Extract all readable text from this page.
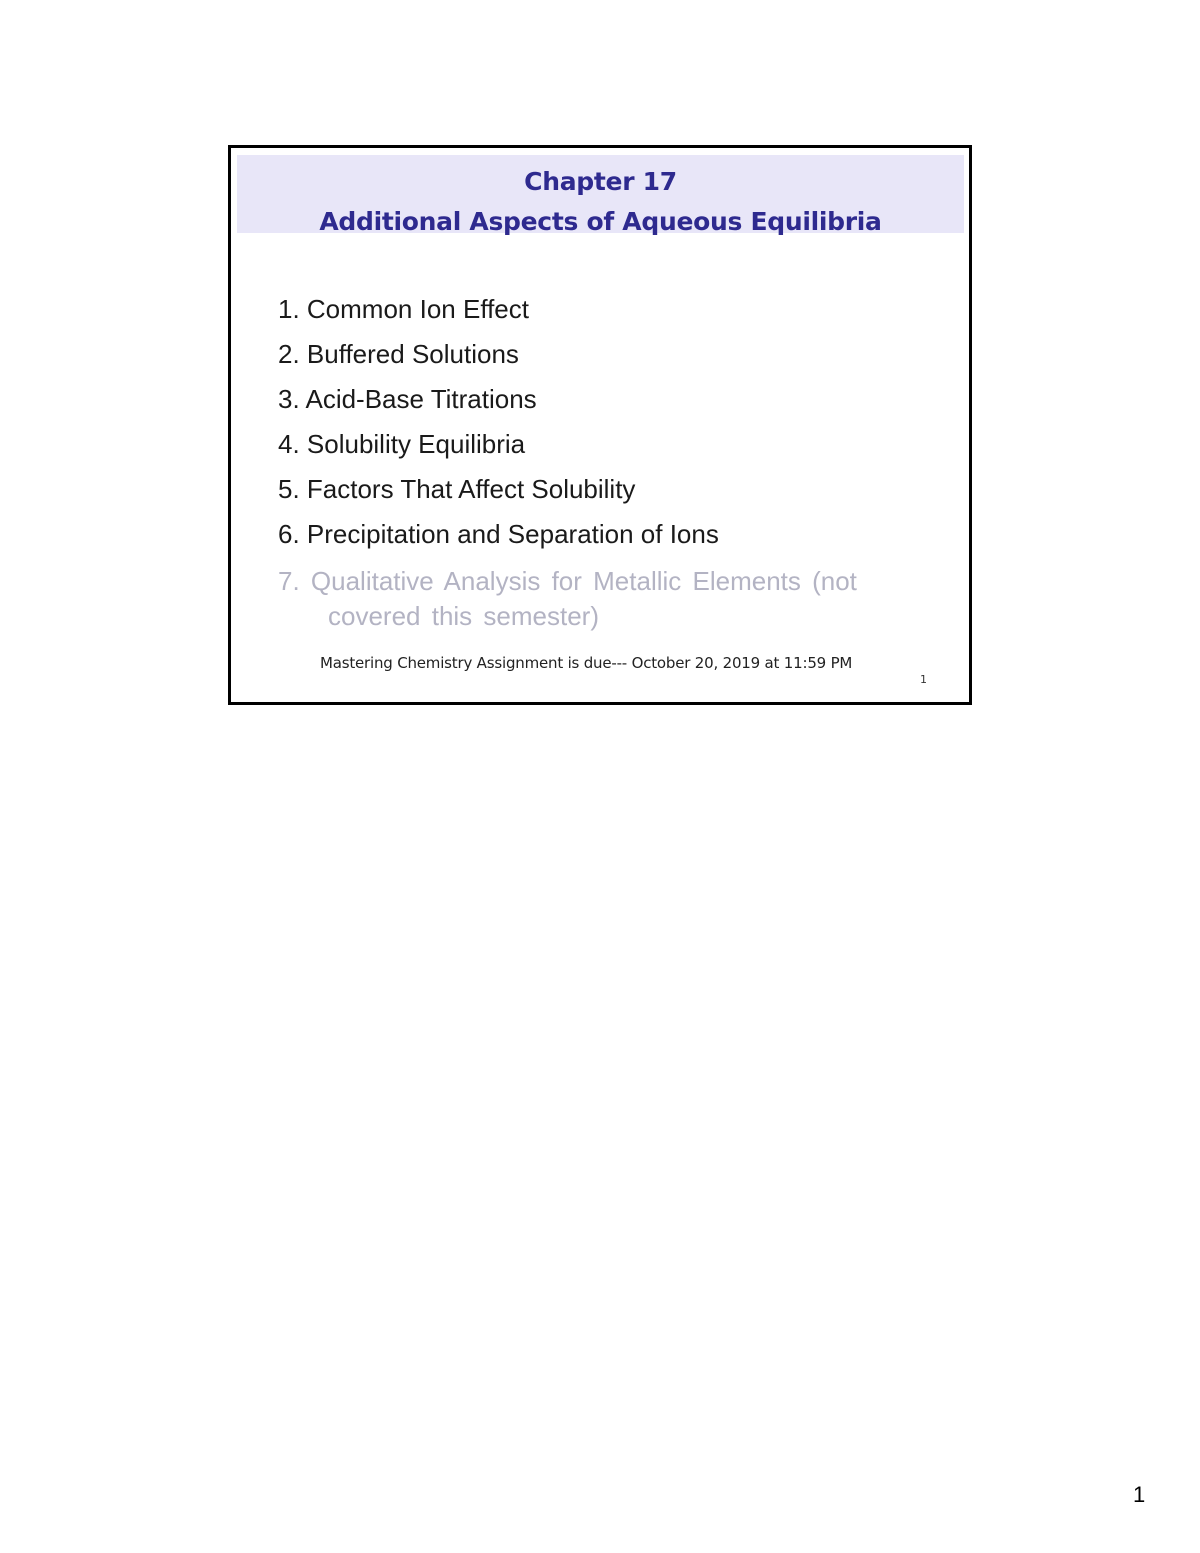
Chapter 17
Additional Aspects of Aqueous Equilibria
1. Common Ion Effect
2. Buffered Solutions
3. Acid-Base Titrations
4. Solubility Equilibria
5. Factors That Affect Solubility
6. Precipitation and Separation of Ions
7. Qualitative Analysis for Metallic Elements (not
covered this semester)
Mastering Chemistry Assignment is due--- October 20, 2019 at 11:59 PM
1
1
